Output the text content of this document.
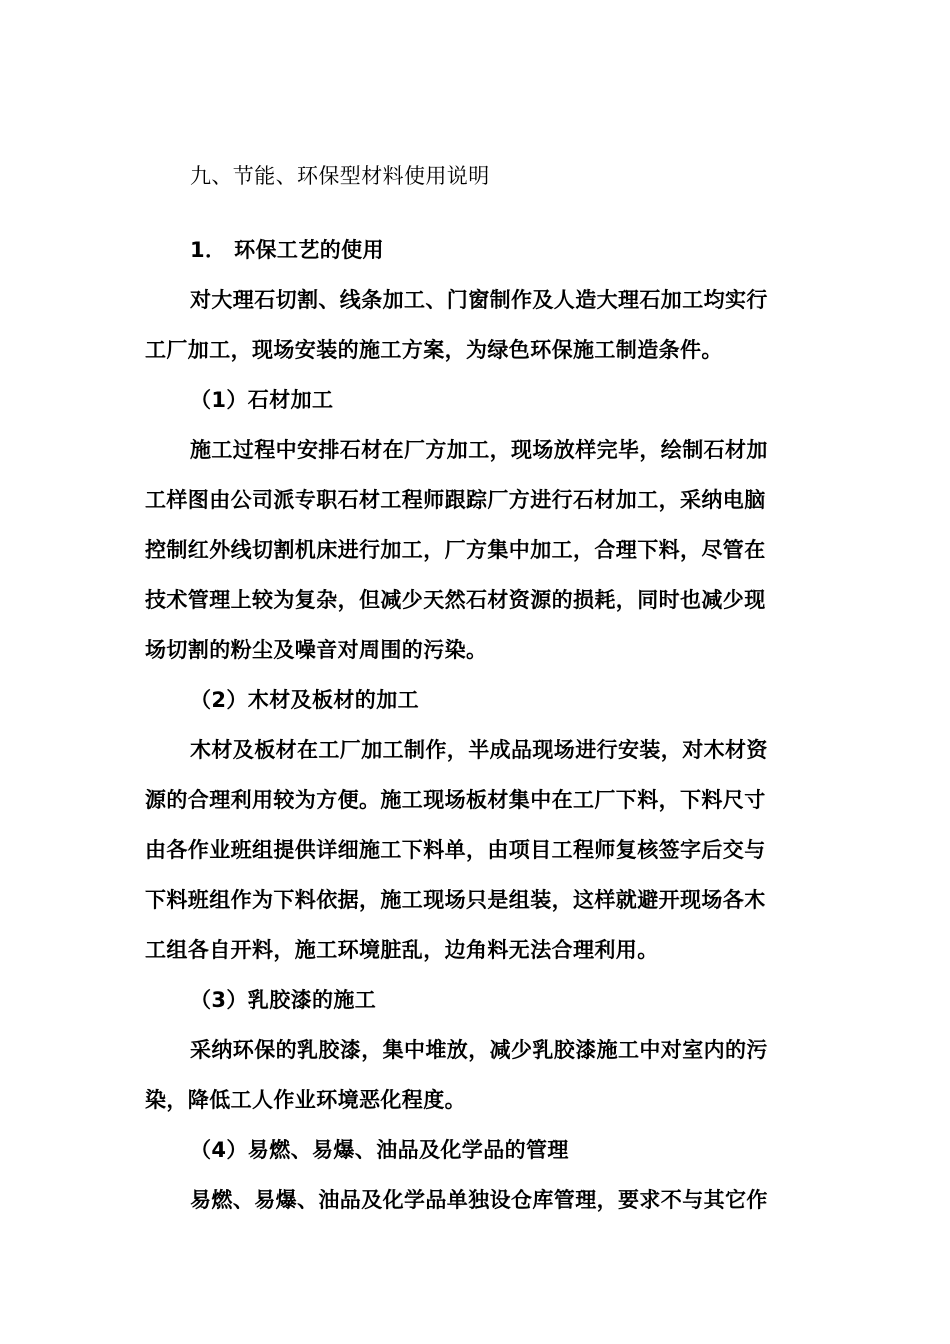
九、节能、环保型材料使用说明
1． 环保工艺的使用
对大理石切割、线条加工、门窗制作及人造大理石加工均实行
工厂加工，现场安装的施工方案，为绿色环保施工制造条件。
（1）石材加工
施工过程中安排石材在厂方加工，现场放样完毕，绘制石材加
工样图由公司派专职石材工程师跟踪厂方进行石材加工，采纳电脑
控制红外线切割机床进行加工，厂方集中加工，合理下料，尽管在
技术管理上较为复杂，但减少天然石材资源的损耗，同时也减少现
场切割的粉尘及噪音对周围的污染。
（2）木材及板材的加工
木材及板材在工厂加工制作，半成品现场进行安装，对木材资
源的合理利用较为方便。施工现场板材集中在工厂下料，下料尺寸
由各作业班组提供详细施工下料单，由项目工程师复核签字后交与
下料班组作为下料依据，施工现场只是组装，这样就避开现场各木
工组各自开料，施工环境脏乱，边角料无法合理利用。
（3）乳胶漆的施工
采纳环保的乳胶漆，集中堆放，减少乳胶漆施工中对室内的污
染，降低工人作业环境恶化程度。
（4）易燃、易爆、油品及化学品的管理
易燃、易爆、油品及化学品单独设仓库管理，要求不与其它作
